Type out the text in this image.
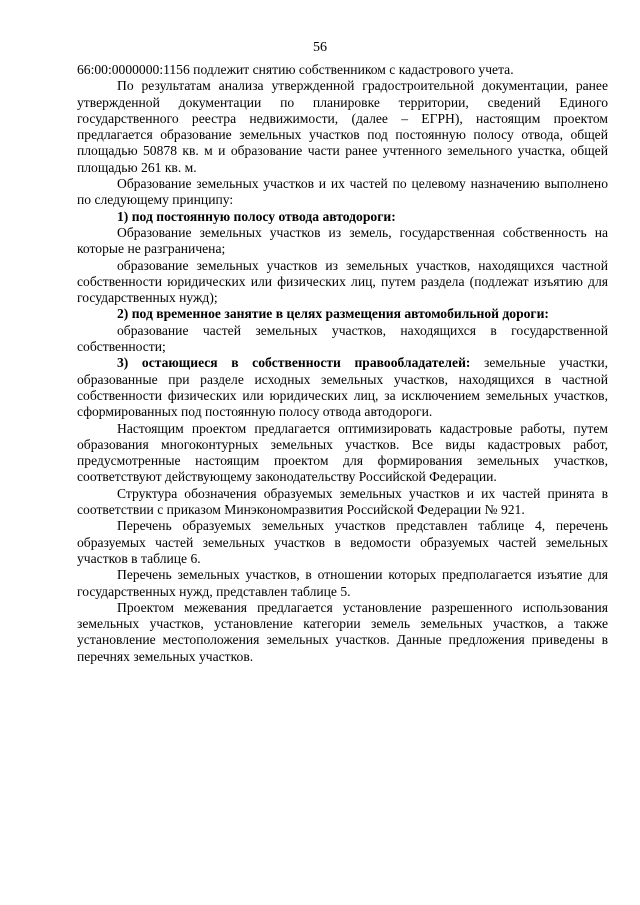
56

66:00:0000000:1156 подлежит снятию собственником с кадастрового учета.

По результатам анализа утвержденной градостроительной документации, ранее утвержденной документации по планировке территории, сведений Единого государственного реестра недвижимости, (далее – ЕГРН), настоящим проектом предлагается образование земельных участков под постоянную полосу отвода, общей площадью 50878 кв. м и образование части ранее учтенного земельного участка, общей площадью 261 кв. м.

Образование земельных участков и их частей по целевому назначению выполнено по следующему принципу:

1) под постоянную полосу отвода автодороги:

Образование земельных участков из земель, государственная собственность на которые не разграничена;

образование земельных участков из земельных участков, находящихся частной собственности юридических или физических лиц, путем раздела (подлежат изъятию для государственных нужд);

2) под временное занятие в целях размещения автомобильной дороги:

образование частей земельных участков, находящихся в государственной собственности;

3) остающиеся в собственности правообладателей: земельные участки, образованные при разделе исходных земельных участков, находящихся в частной собственности физических или юридических лиц, за исключением земельных участков, сформированных под постоянную полосу отвода автодороги.

Настоящим проектом предлагается оптимизировать кадастровые работы, путем образования многоконтурных земельных участков. Все виды кадастровых работ, предусмотренные настоящим проектом для формирования земельных участков, соответствуют действующему законодательству Российской Федерации.

Структура обозначения образуемых земельных участков и их частей принята в соответствии с приказом Минэкономразвития Российской Федерации № 921.

Перечень образуемых земельных участков представлен таблице 4, перечень образуемых частей земельных участков в ведомости образуемых частей земельных участков в таблице 6.

Перечень земельных участков, в отношении которых предполагается изъятие для государственных нужд, представлен таблице 5.

Проектом межевания предлагается установление разрешенного использования земельных участков, установление категории земель земельных участков, а также установление местоположения земельных участков. Данные предложения приведены в перечнях земельных участков.
